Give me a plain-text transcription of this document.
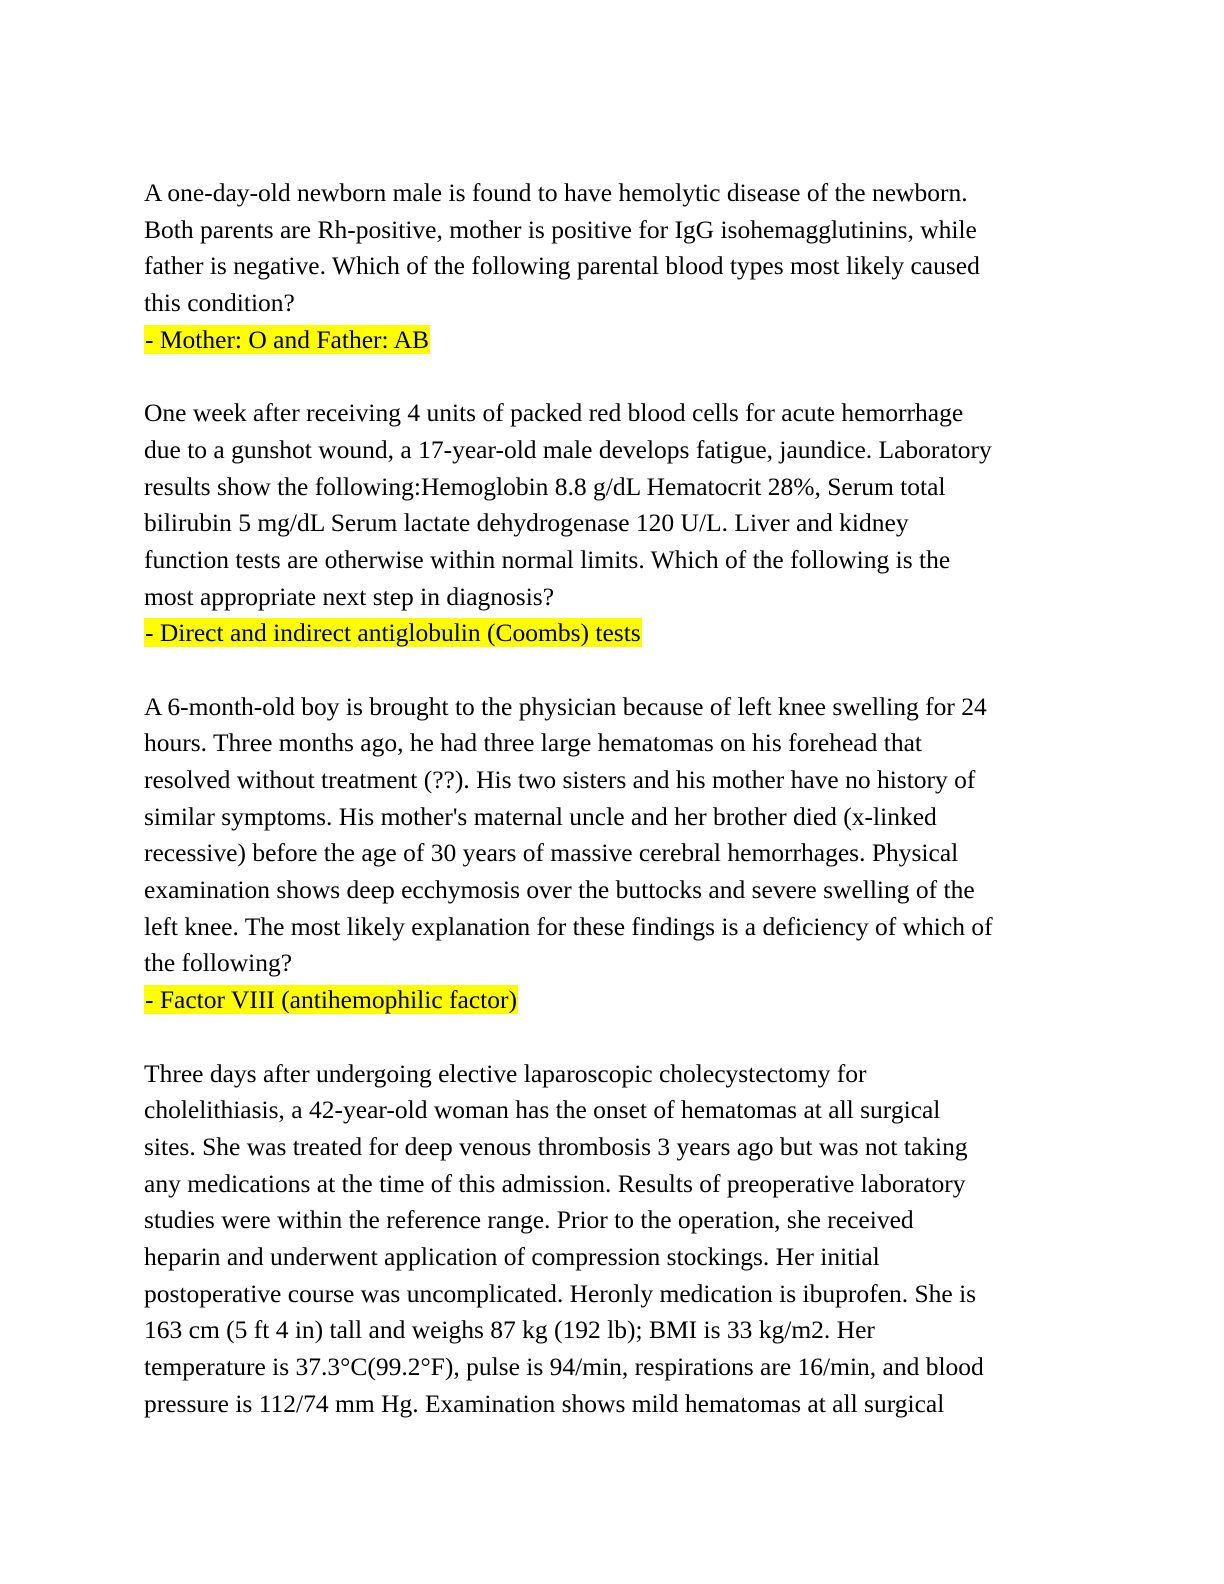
A one-day-old newborn male is found to have hemolytic disease of the newborn.
Both parents are Rh-positive, mother is positive for IgG isohemagglutinins, while
father is negative. Which of the following parental blood types most likely caused
this condition?
- Mother: O and Father: AB
One week after receiving 4 units of packed red blood cells for acute hemorrhage
due to a gunshot wound, a 17-year-old male develops fatigue, jaundice. Laboratory
results show the following:Hemoglobin 8.8 g/dL Hematocrit 28%, Serum total
bilirubin 5 mg/dL Serum lactate dehydrogenase 120 U/L. Liver and kidney
function tests are otherwise within normal limits. Which of the following is the
most appropriate next step in diagnosis?
- Direct and indirect antiglobulin (Coombs) tests
A 6-month-old boy is brought to the physician because of left knee swelling for 24
hours. Three months ago, he had three large hematomas on his forehead that
resolved without treatment (??). His two sisters and his mother have no history of
similar symptoms. His mother's maternal uncle and her brother died (x-linked
recessive) before the age of 30 years of massive cerebral hemorrhages. Physical
examination shows deep ecchymosis over the buttocks and severe swelling of the
left knee. The most likely explanation for these findings is a deficiency of which of
the following?
- Factor VIII (antihemophilic factor)
Three days after undergoing elective laparoscopic cholecystectomy for
cholelithiasis, a 42-year-old woman has the onset of hematomas at all surgical
sites. She was treated for deep venous thrombosis 3 years ago but was not taking
any medications at the time of this admission. Results of preoperative laboratory
studies were within the reference range. Prior to the operation, she received
heparin and underwent application of compression stockings. Her initial
postoperative course was uncomplicated. Heronly medication is ibuprofen. She is
163 cm (5 ft 4 in) tall and weighs 87 kg (192 lb); BMI is 33 kg/m2. Her
temperature is 37.3°C(99.2°F), pulse is 94/min, respirations are 16/min, and blood
pressure is 112/74 mm Hg. Examination shows mild hematomas at all surgical
